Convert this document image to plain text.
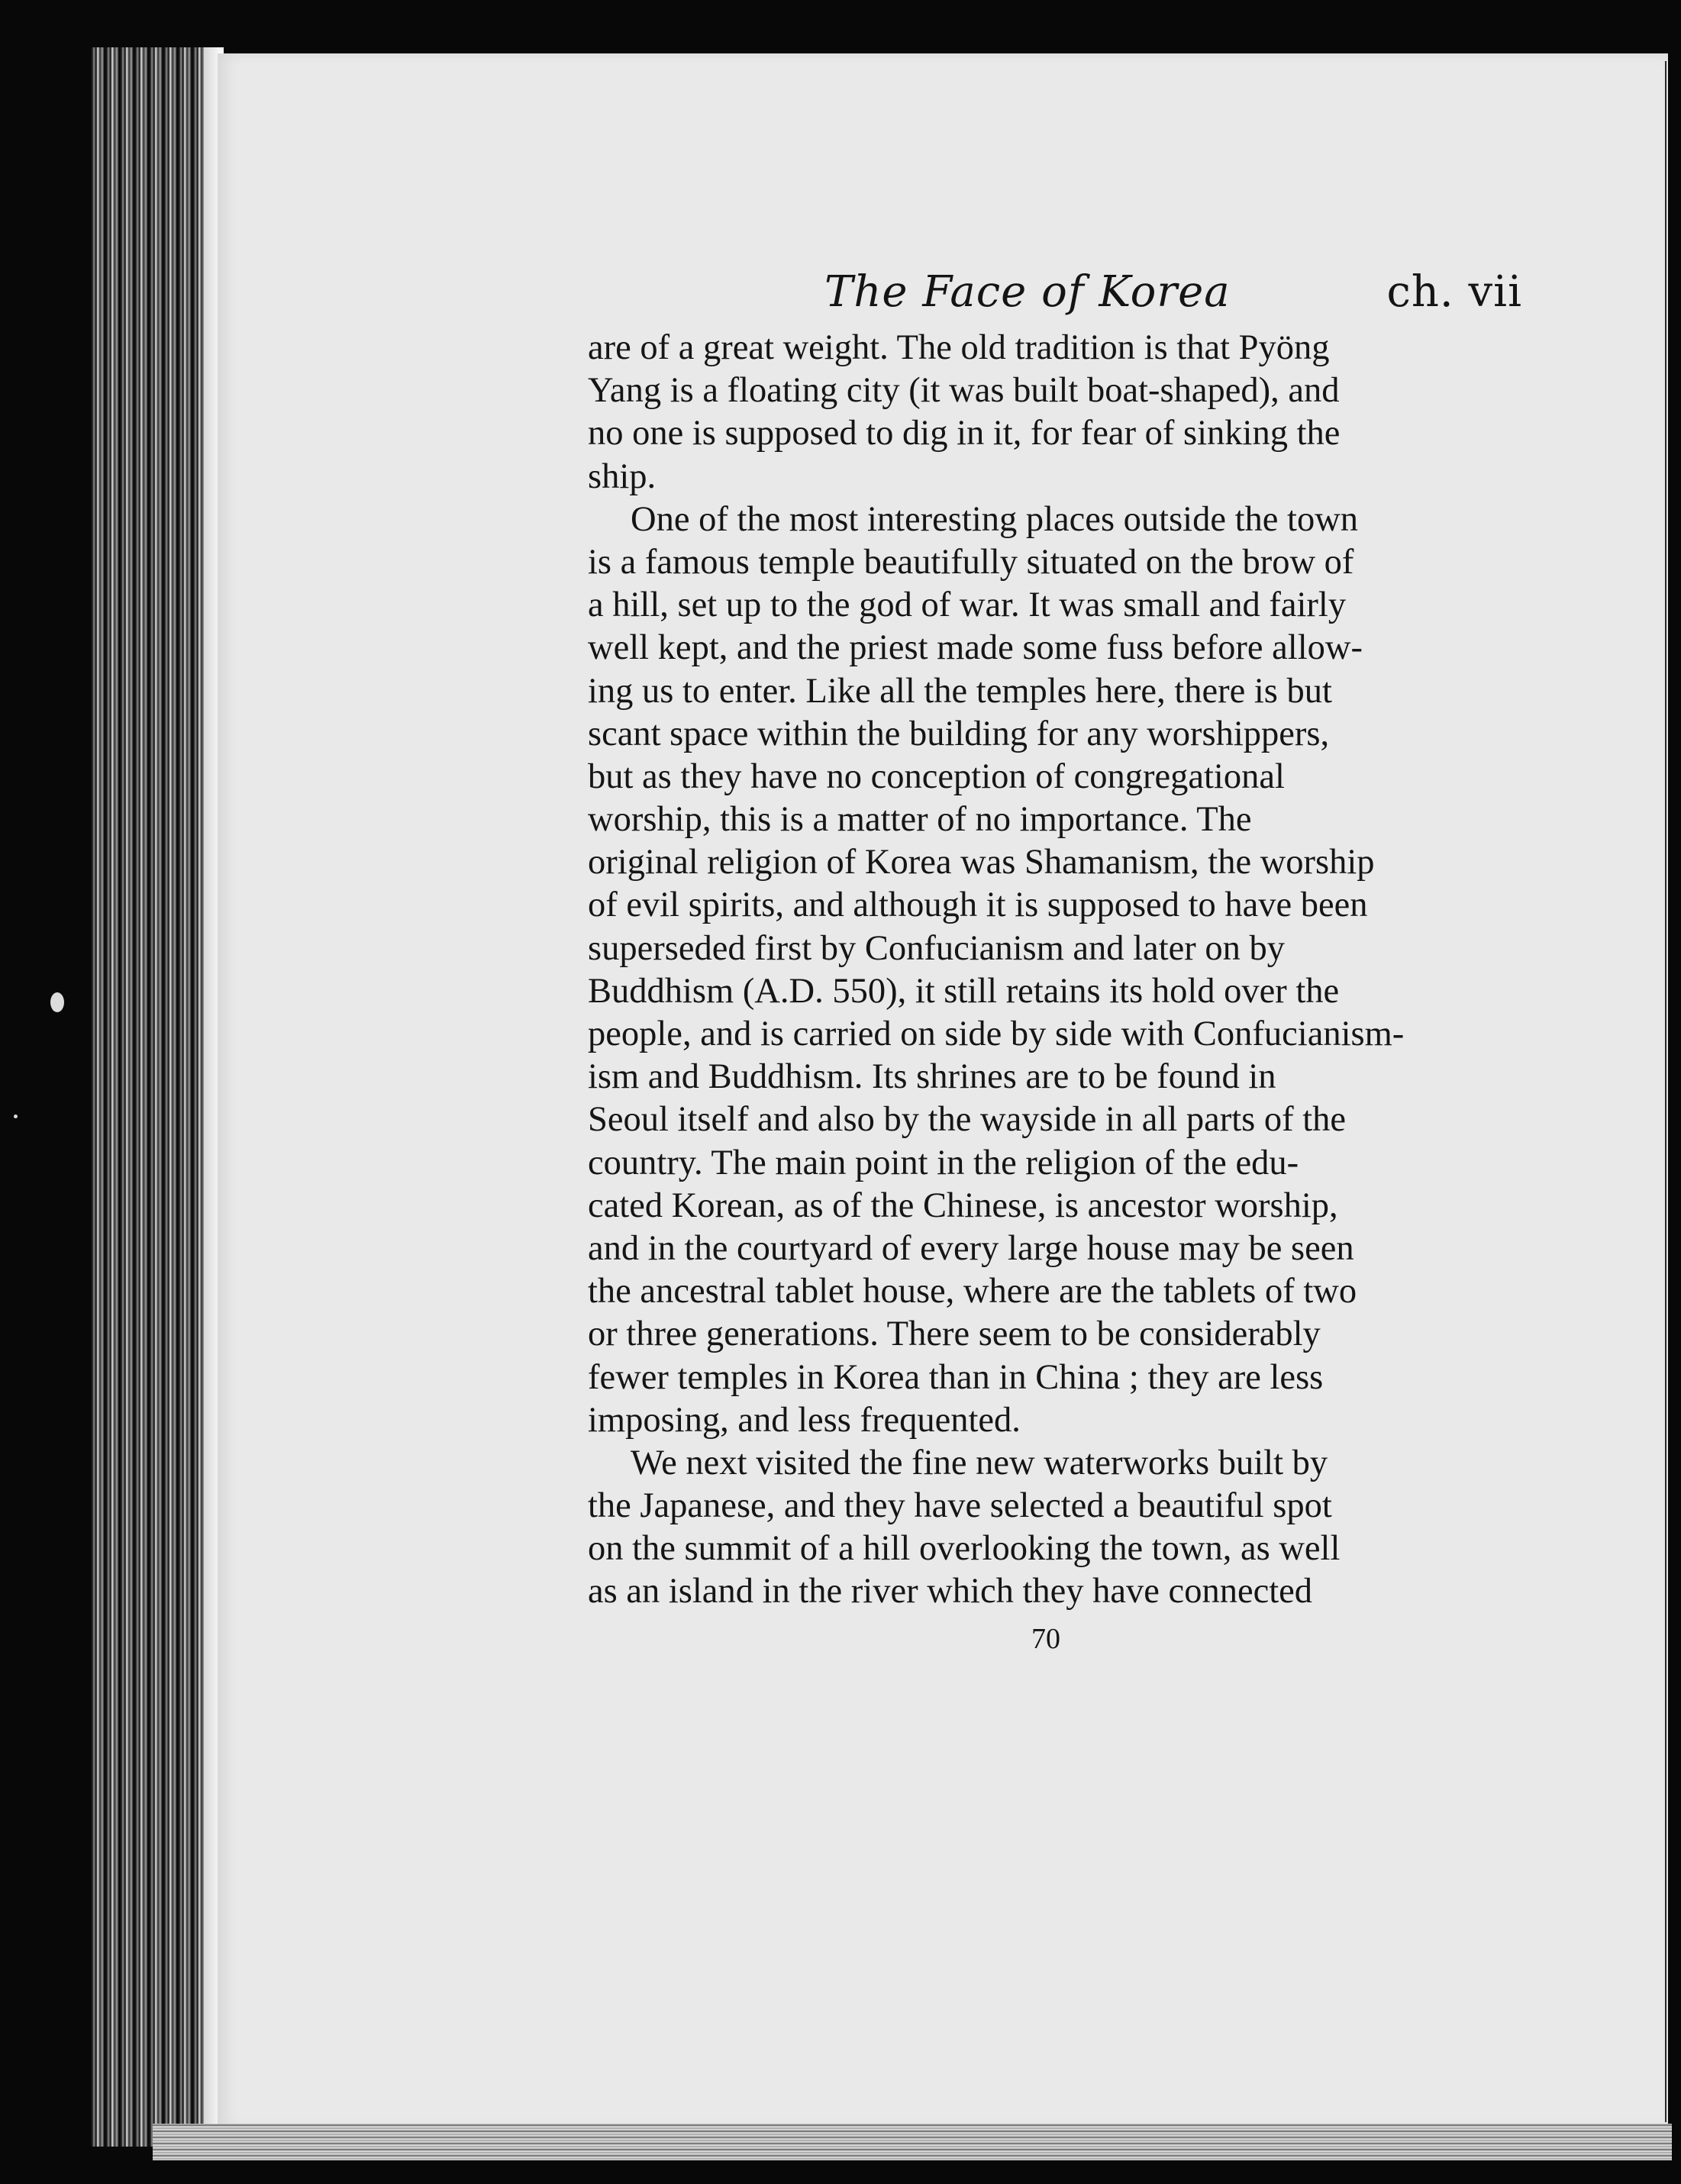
The Face of Korea	ch. vii
are of a great weight. The old tradition is that Pyöng
Yang is a floating city (it was built boat-shaped), and
no one is supposed to dig in it, for fear of sinking the
ship.
One of the most interesting places outside the town
is a famous temple beautifully situated on the brow of
a hill, set up to the god of war. It was small and fairly
well kept, and the priest made some fuss before allow-
ing us to enter. Like all the temples here, there is but
scant space within the building for any worshippers,
but as they have no conception of congregational
worship, this is a matter of no importance. The
original religion of Korea was Shamanism, the worship
of evil spirits, and although it is supposed to have been
superseded first by Confucianism and later on by
Buddhism (A.D. 550), it still retains its hold over the
people, and is carried on side by side with Confucianism-
ism and Buddhism. Its shrines are to be found in
Seoul itself and also by the wayside in all parts of the
country. The main point in the religion of the edu-
cated Korean, as of the Chinese, is ancestor worship,
and in the courtyard of every large house may be seen
the ancestral tablet house, where are the tablets of two
or three generations. There seem to be considerably
fewer temples in Korea than in China ; they are less
imposing, and less frequented.
We next visited the fine new waterworks built by
the Japanese, and they have selected a beautiful spot
on the summit of a hill overlooking the town, as well
as an island in the river which they have connected
70
